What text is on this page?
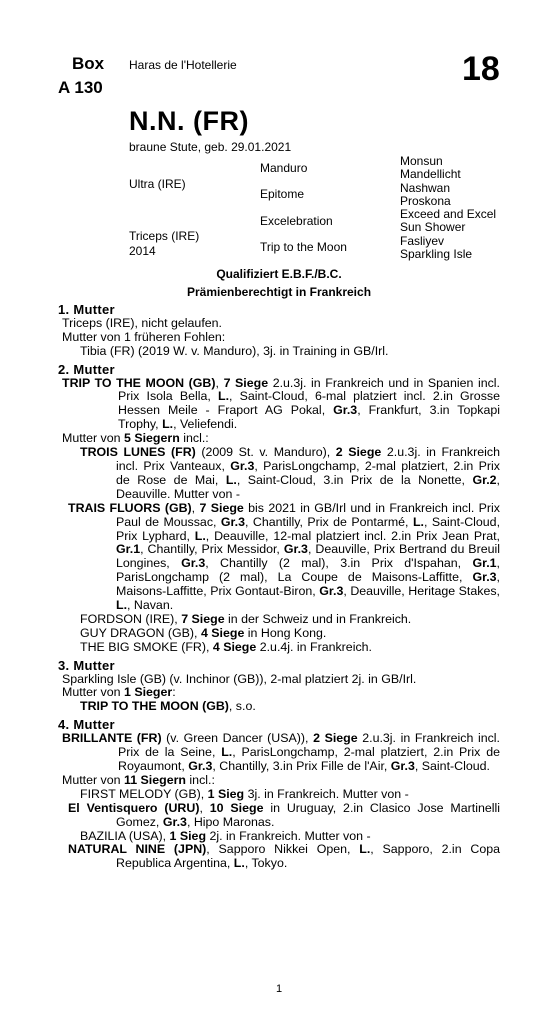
Box
A 130
Haras de l'Hotellerie	18
N.N. (FR)
braune Stute, geb. 29.01.2021
Ultra (IRE)
Triceps (IRE)
2014
Manduro
Epitome
Excelebration
Trip to the Moon
Monsun
Mandellicht
Nashwan
Proskona
Exceed and Excel
Sun Shower
Fasliyev
Sparkling Isle
Qualifiziert E.B.F./B.C.
Prämienberechtigt in Frankreich
1. Mutter

Triceps (IRE), nicht gelaufen.

Mutter von 1 früheren Fohlen:

Tibia (FR) (2019 W. v. Manduro), 3j. in Training in GB/Irl.

2. Mutter

TRIP TO THE MOON (GB), 7 Siege 2.u.3j. in Frankreich und in Spanien incl. Prix Isola Bella, L., Saint-Cloud, 6-mal platziert incl. 2.in Grosse Hessen Meile - Fraport AG Pokal, Gr.3, Frankfurt, 3.in Topkapi Trophy, L., Veliefendi.

Mutter von 5 Siegern incl.:

TROIS LUNES (FR) (2009 St. v. Manduro), 2 Siege 2.u.3j. in Frankreich incl. Prix Vanteaux, Gr.3, ParisLongchamp, 2-mal platziert, 2.in Prix de Rose de Mai, L., Saint-Cloud, 3.in Prix de la Nonette, Gr.2, Deauville. Mutter von -

TRAIS FLUORS (GB), 7 Siege bis 2021 in GB/Irl und in Frankreich incl. Prix Paul de Moussac, Gr.3, Chantilly, Prix de Pontarmé, L., Saint-Cloud, Prix Lyphard, L., Deauville, 12-mal platziert incl. 2.in Prix Jean Prat, Gr.1, Chantilly, Prix Messidor, Gr.3, Deauville, Prix Bertrand du Breuil Longines, Gr.3, Chantilly (2 mal), 3.in Prix d'Ispahan, Gr.1, ParisLongchamp (2 mal), La Coupe de Maisons-Laffitte, Gr.3, Maisons-Laffitte, Prix Gontaut-Biron, Gr.3, Deauville, Heritage Stakes, L., Navan.

FORDSON (IRE), 7 Siege in der Schweiz und in Frankreich.

GUY DRAGON (GB), 4 Siege in Hong Kong.

THE BIG SMOKE (FR), 4 Siege 2.u.4j. in Frankreich.

3. Mutter

Sparkling Isle (GB) (v. Inchinor (GB)), 2-mal platziert 2j. in GB/Irl.

Mutter von 1 Sieger:

TRIP TO THE MOON (GB), s.o.

4. Mutter

BRILLANTE (FR) (v. Green Dancer (USA)), 2 Siege 2.u.3j. in Frankreich incl. Prix de la Seine, L., ParisLongchamp, 2-mal platziert, 2.in Prix de Royaumont, Gr.3, Chantilly, 3.in Prix Fille de l'Air, Gr.3, Saint-Cloud.

Mutter von 11 Siegern incl.:

FIRST MELODY (GB), 1 Sieg 3j. in Frankreich. Mutter von -

El Ventisquero (URU), 10 Siege in Uruguay, 2.in Clasico Jose Martinelli Gomez, Gr.3, Hipo Maronas.

BAZILIA (USA), 1 Sieg 2j. in Frankreich. Mutter von -

NATURAL NINE (JPN), Sapporo Nikkei Open, L., Sapporo, 2.in Copa Republica Argentina, L., Tokyo.

1
